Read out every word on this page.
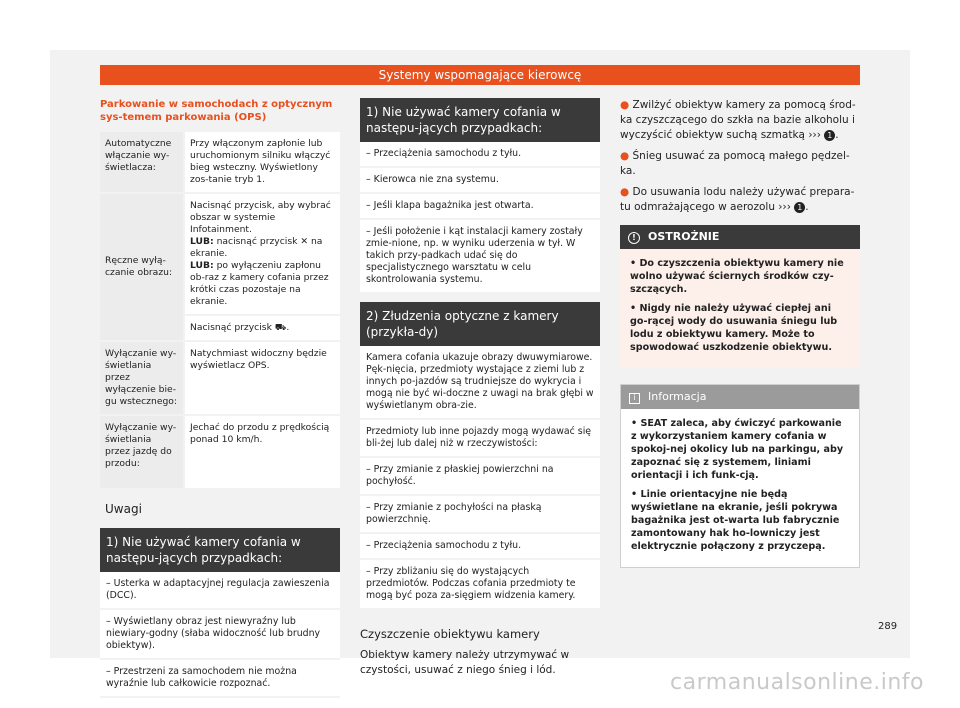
Systemy wspomagające kierowcę
Parkowanie w samochodach z optycznym sys-temem parkowania (OPS)
Automatyczne włączanie wy-świetlacza:	Przy włączonym zapłonie lub uruchomionym silniku włączyć bieg wsteczny. Wyświetlony zos-tanie tryb 1.
Ręczne wyłą-czanie obrazu:	Nacisnąć przycisk, aby wybrać obszar w systemie Infotainment.
LUB: nacisnąć przycisk ✕ na ekranie.
LUB: po wyłączeniu zapłonu ob-raz z kamery cofania przez krótki czas pozostaje na ekranie.
	Nacisnąć przycisk ⛟.
Wyłączanie wy-świetlania przez wyłączenie bie-gu wstecznego:	Natychmiast widoczny będzie wyświetlacz OPS.
Wyłączanie wy-świetlania przez jazdę do przodu:	Jechać do przodu z prędkością ponad 10 km/h.
Uwagi
1) Nie używać kamery cofania w następu-jących przypadkach:
– Usterka w adaptacyjnej regulacja zawieszenia (DCC).
– Wyświetlany obraz jest niewyraźny lub niewiary-godny (słaba widoczność lub brudny obiektyw).
– Przestrzeni za samochodem nie można wyraźnie lub całkowicie rozpoznać.
1) Nie używać kamery cofania w następu-jących przypadkach:
– Przeciążenia samochodu z tyłu.
– Kierowca nie zna systemu.
– Jeśli klapa bagażnika jest otwarta.
– Jeśli położenie i kąt instalacji kamery zostały zmie-nione, np. w wyniku uderzenia w tył. W takich przy-padkach udać się do specjalistycznego warsztatu w celu skontrolowania systemu.
2) Złudzenia optyczne z kamery (przykła-dy)
Kamera cofania ukazuje obrazy dwuwymiarowe. Pęk-nięcia, przedmioty wystające z ziemi lub z innych po-jazdów są trudniejsze do wykrycia i mogą nie być wi-doczne z uwagi na brak głębi w wyświetlanym obra-zie.
Przedmioty lub inne pojazdy mogą wydawać się bli-żej lub dalej niż w rzeczywistości:
– Przy zmianie z płaskiej powierzchni na pochyłość.
– Przy zmianie z pochyłości na płaską powierzchnię.
– Przeciążenia samochodu z tyłu.
– Przy zbliżaniu się do wystających przedmiotów. Podczas cofania przedmioty te mogą być poza za-sięgiem widzenia kamery.
Czyszczenie obiektywu kamery
Obiektyw kamery należy utrzymywać w czystości, usuwać z niego śnieg i lód.
● Zwilżyć obiektyw kamery za pomocą środ-ka czyszczącego do szkła na bazie alkoholu i wyczyścić obiektyw suchą szmatką ››› 1 .
● Śnieg usuwać za pomocą małego pędzel-ka.
● Do usuwania lodu należy używać prepara-tu odmrażającego w aerozolu ››› 1 .
! OSTROŻNIE

• Do czyszczenia obiektywu kamery nie wolno używać ściernych środków czy-szczących.

• Nigdy nie należy używać ciepłej ani go-rącej wody do usuwania śniegu lub lodu z obiektywu kamery. Może to spowodować uszkodzenie obiektywu.

i Informacja

• SEAT zaleca, aby ćwiczyć parkowanie z wykorzystaniem kamery cofania w spokoj-nej okolicy lub na parkingu, aby zapoznać się z systemem, liniami orientacji i ich funk-cją.

• Linie orientacyjne nie będą wyświetlane na ekranie, jeśli pokrywa bagażnika jest ot-warta lub fabrycznie zamontowany hak ho-lowniczy jest elektrycznie połączony z przyczepą.

289
carmanualsonline.info
